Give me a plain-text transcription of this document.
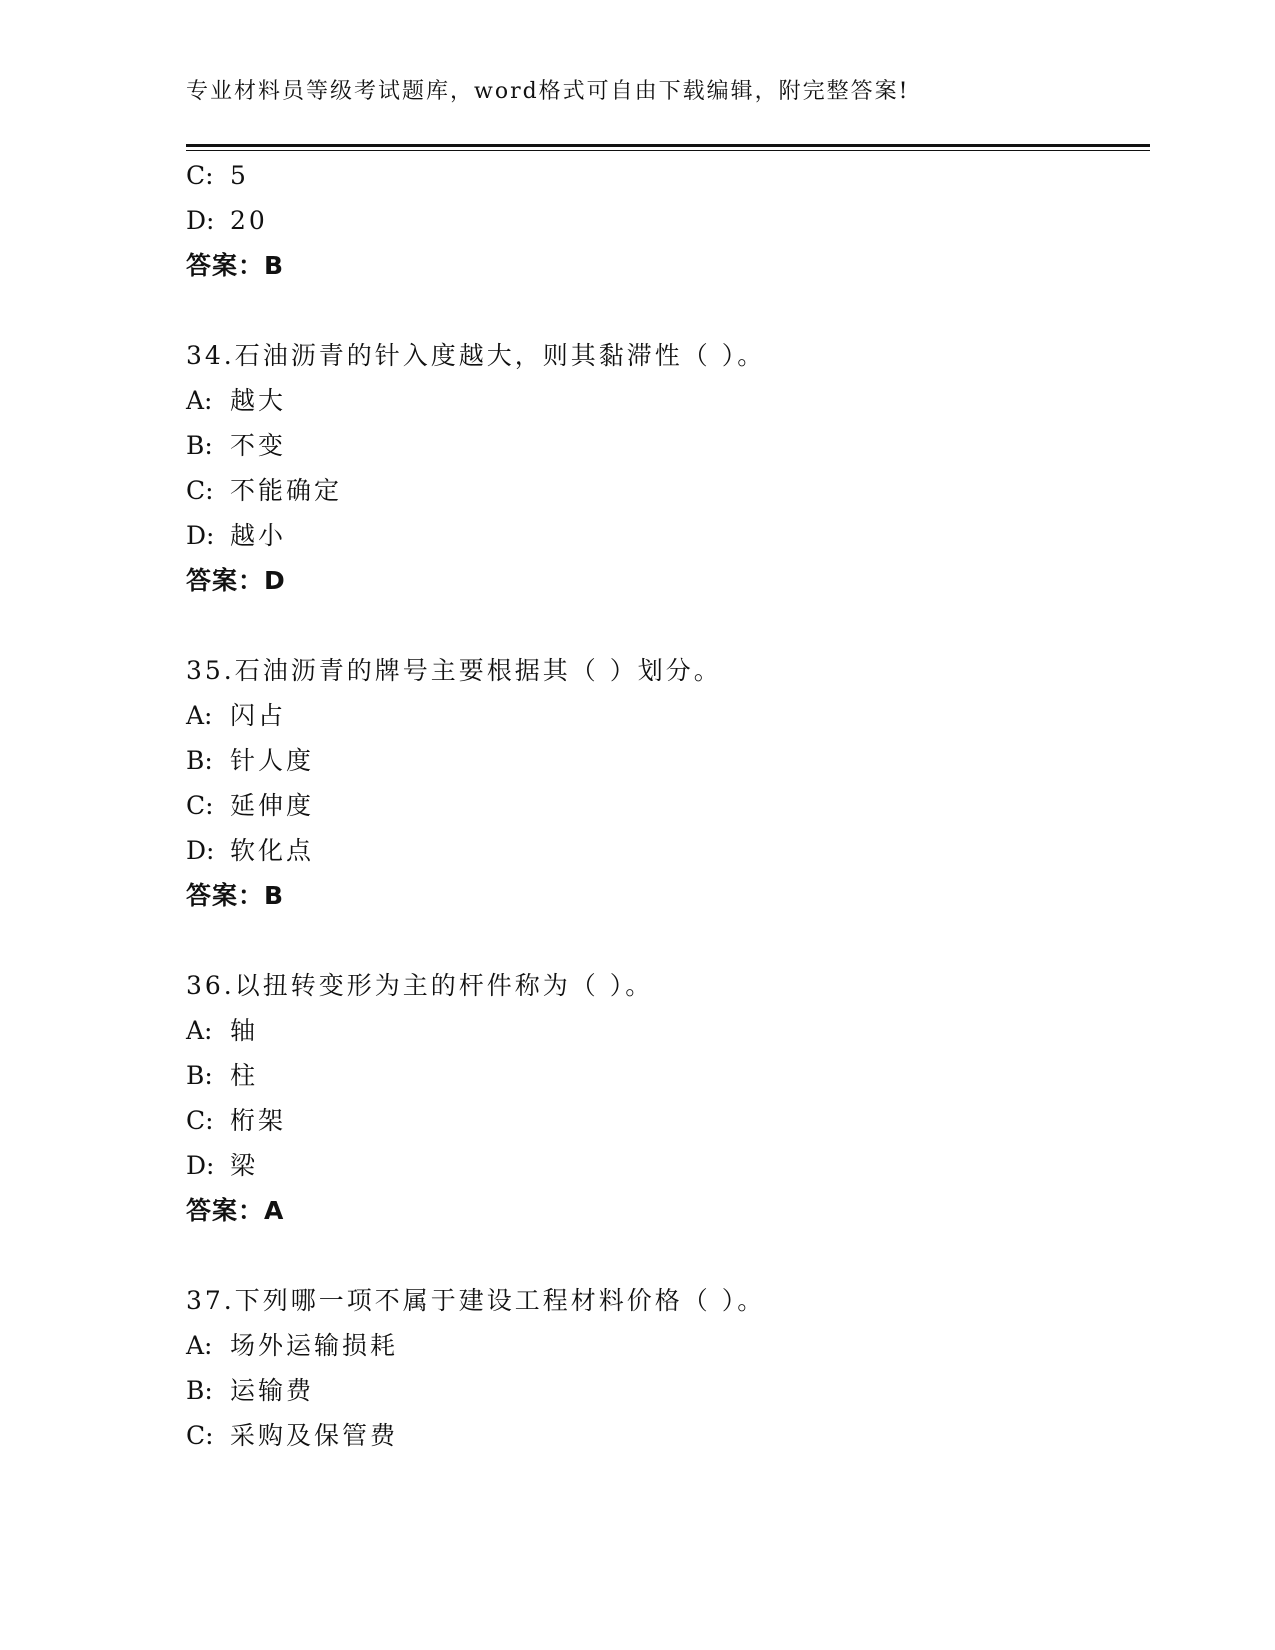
专业材料员等级考试题库，word格式可自由下载编辑，附完整答案!
C: 5
D: 20
答案：B
34.石油沥青的针入度越大，则其黏滞性（ ）。
A: 越大
B: 不变
C: 不能确定
D: 越小
答案：D
35.石油沥青的牌号主要根据其（ ）划分。
A: 闪占
B: 针人度
C: 延伸度
D: 软化点
答案：B
36.以扭转变形为主的杆件称为（ ）。
A: 轴
B: 柱
C: 桁架
D: 梁
答案：A
37.下列哪一项不属于建设工程材料价格（ ）。
A: 场外运输损耗
B: 运输费
C: 采购及保管费
